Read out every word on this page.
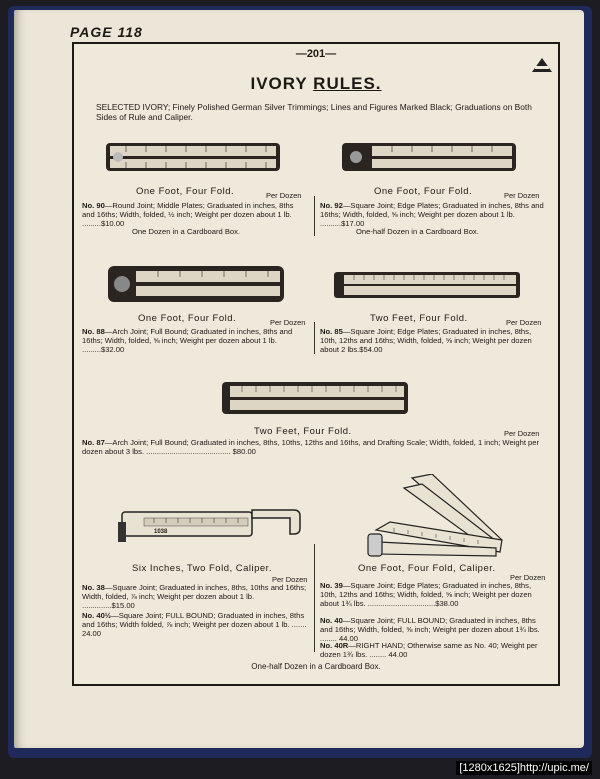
PAGE 118
—201—
IVORY RULES.
SELECTED IVORY; Finely Polished German Silver Trimmings; Lines and Figures Marked Black; Graduations on Both Sides of Rule and Caliper.
One Foot, Four Fold.	Per Dozen
No. 90—Round Joint; Middle Plates; Graduated in inches, 8ths and 16ths; Width, folded, ½ inch; Weight per dozen about 1 lb. .........$10.00
One Dozen in a Cardboard Box.
One Foot, Four Fold.	Per Dozen
No. 92—Square Joint; Edge Plates; Graduated in inches, 8ths and 16ths; Width, folded, ⅝ inch; Weight per dozen about 1 lb. ..........$17.00
One-half Dozen in a Cardboard Box.
One Foot, Four Fold.	Per Dozen
No. 88—Arch Joint; Full Bound; Graduated in inches, 8ths and 16ths; Width, folded, ⅝ inch; Weight per dozen about 1 lb. .........$32.00
Two Feet, Four Fold.	Per Dozen
No. 85—Square Joint; Edge Plates; Graduated in inches, 8ths, 10th, 12ths and 16ths; Width, folded, ⅝ inch; Weight per dozen about 2 lbs.$54.00
Two Feet, Four Fold.	Per Dozen
No. 87—Arch Joint; Full Bound; Graduated in inches, 8ths, 10ths, 12ths and 16ths, and Drafting Scale; Width, folded, 1 inch; Weight per dozen about 3 lbs. ........................................ $80.00
1038
Six Inches, Two Fold, Caliper.
Per Dozen
No. 38—Square Joint; Graduated in inches, 8ths, 10ths and 16ths; Width, folded, ⅞ inch; Weight per dozen about 1 lb. ..............$15.00
No. 40½—Square Joint; FULL BOUND; Graduated in inches, 8ths and 16ths; Width folded, ⅞ inch; Weight per dozen about 1 lb. ....... 24.00
One Foot, Four Fold, Caliper.
Per Dozen
No. 39—Square Joint; Edge Plates; Graduated in inches, 8ths, 10th, 12ths and 16ths; Width, folded, ⅝ inch; Weight per dozen about 1¾ lbs. ................................$38.00
No. 40—Square Joint; FULL BOUND; Graduated in inches, 8ths and 16ths; Width, folded, ⅝ inch; Weight per dozen about 1¾ lbs. ........ 44.00
No. 40R—RIGHT HAND; Otherwise same as No. 40; Weight per dozen 1¾ lbs. ........ 44.00
One-half Dozen in a Cardboard Box.
[1280x1625]http://upic.me/
